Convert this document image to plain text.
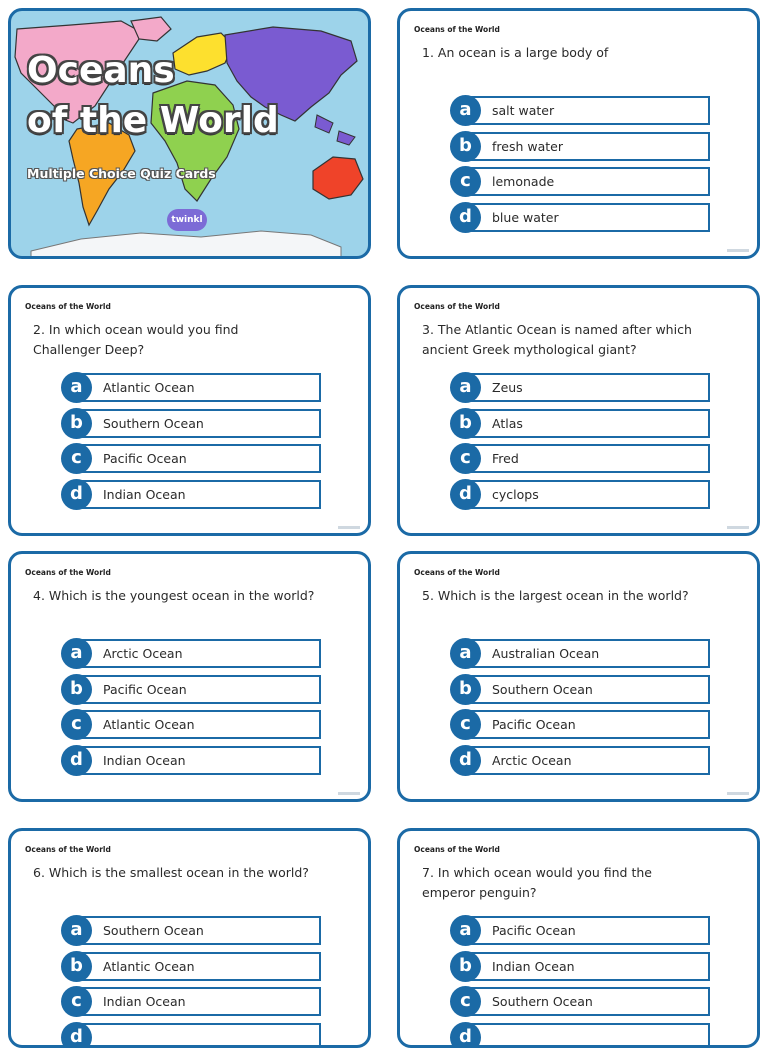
Oceans
of the World
Multiple Choice Quiz Cards
twinkl
Oceans of the World
1. An ocean is a large body of
a	salt water
b	fresh water
c	lemonade
d	blue water
Oceans of the World
2. In which ocean would you find Challenger Deep?
a	Atlantic Ocean
b	Southern Ocean
c	Pacific Ocean
d	Indian Ocean
Oceans of the World
3. The Atlantic Ocean is named after which ancient Greek mythological giant?
a	Zeus
b	Atlas
c	Fred
d	cyclops
Oceans of the World
4. Which is the youngest ocean in the world?
a	Arctic Ocean
b	Pacific Ocean
c	Atlantic Ocean
d	Indian Ocean
Oceans of the World
5. Which is the largest ocean in the world?
a	Australian Ocean
b	Southern Ocean
c	Pacific Ocean
d	Arctic Ocean
Oceans of the World
6. Which is the smallest ocean in the world?
a	Southern Ocean
b	Atlantic Ocean
c	Indian Ocean
d
Oceans of the World
7. In which ocean would you find the emperor penguin?
a	Pacific Ocean
b	Indian Ocean
c	Southern Ocean
d
